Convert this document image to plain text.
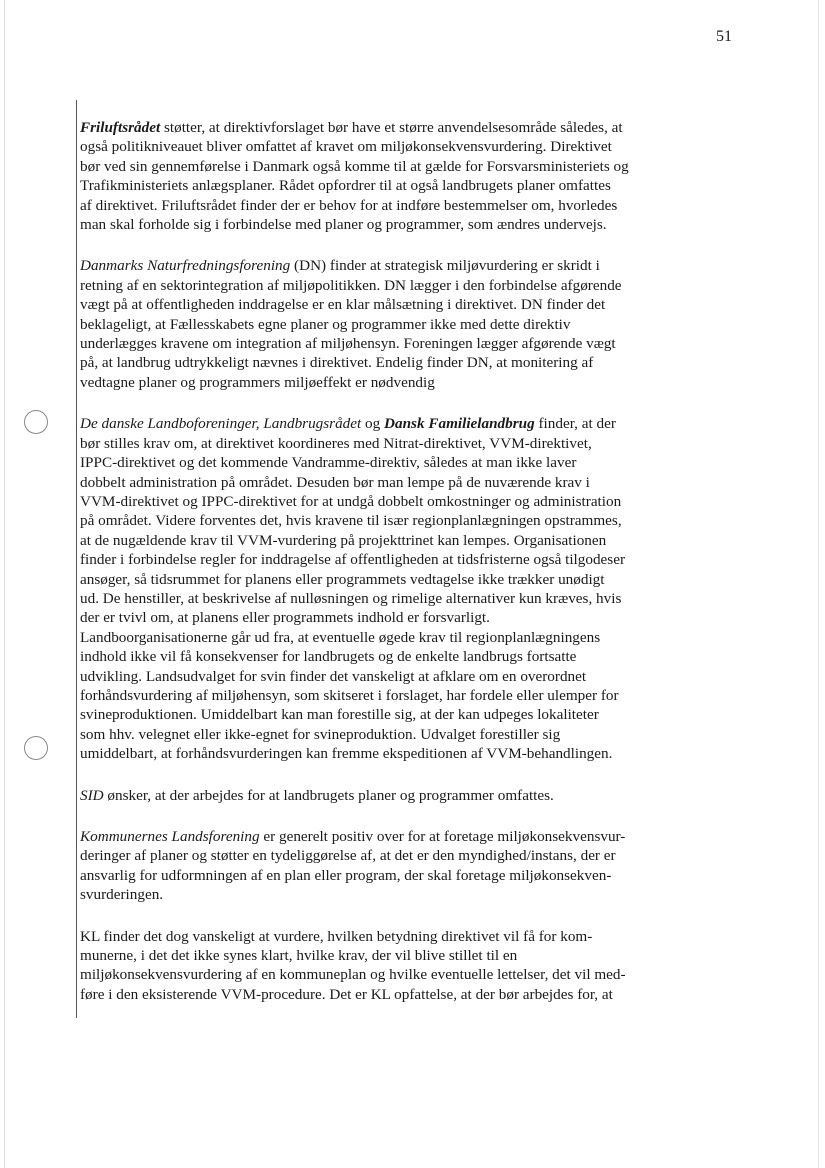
51

Friluftsrådet støtter, at direktivforslaget bør have et større anvendelsesområde således, at
også politikniveauet bliver omfattet af kravet om miljøkonsekvensvurdering. Direktivet
bør ved sin gennemførelse i Danmark også komme til at gælde for Forsvarsministeriets og
Trafikministeriets anlægsplaner. Rådet opfordrer til at også landbrugets planer omfattes
af direktivet. Friluftsrådet finder der er behov for at indføre bestemmelser om, hvorledes
man skal forholde sig i forbindelse med planer og programmer, som ændres undervejs.

Danmarks Naturfredningsforening (DN) finder at strategisk miljøvurdering er skridt i
retning af en sektorintegration af miljøpolitikken. DN lægger i den forbindelse afgørende
vægt på at offentligheden inddragelse er en klar målsætning i direktivet. DN finder det
beklageligt, at Fællesskabets egne planer og programmer ikke med dette direktiv
underlægges kravene om integration af miljøhensyn. Foreningen lægger afgørende vægt
på, at landbrug udtrykkeligt nævnes i direktivet. Endelig finder DN, at monitering af
vedtagne planer og programmers miljøeffekt er nødvendig

De danske Landboforeninger, Landbrugsrådet og Dansk Familielandbrug finder, at der
bør stilles krav om, at direktivet koordineres med Nitrat-direktivet, VVM-direktivet,
IPPC-direktivet og det kommende Vandramme-direktiv, således at man ikke laver
dobbelt administration på området. Desuden bør man lempe på de nuværende krav i
VVM-direktivet og IPPC-direktivet for at undgå dobbelt omkostninger og administration
på området. Videre forventes det, hvis kravene til især regionplanlægningen opstrammes,
at de nugældende krav til VVM-vurdering på projekttrinet kan lempes. Organisationen
finder i forbindelse regler for inddragelse af offentligheden at tidsfristerne også tilgodeser
ansøger, så tidsrummet for planens eller programmets vedtagelse ikke trækker unødigt
ud. De henstiller, at beskrivelse af nulløsningen og rimelige alternativer kun kræves, hvis
der er tvivl om, at planens eller programmets indhold er forsvarligt.
Landboorganisationerne går ud fra, at eventuelle øgede krav til regionplanlægningens
indhold ikke vil få konsekvenser for landbrugets og de enkelte landbrugs fortsatte
udvikling. Landsudvalget for svin finder det vanskeligt at afklare om en overordnet
forhåndsvurdering af miljøhensyn, som skitseret i forslaget, har fordele eller ulemper for
svineproduktionen. Umiddelbart kan man forestille sig, at der kan udpeges lokaliteter
som hhv. velegnet eller ikke-egnet for svineproduktion. Udvalget forestiller sig
umiddelbart, at forhåndsvurderingen kan fremme ekspeditionen af VVM-behandlingen.

SID ønsker, at der arbejdes for at landbrugets planer og programmer omfattes.

Kommunernes Landsforening er generelt positiv over for at foretage miljøkonsekvensvur-
deringer af planer og støtter en tydeliggørelse af, at det er den myndighed/instans, der er
ansvarlig for udformningen af en plan eller program, der skal foretage miljøkonsekven-
svurderingen.

KL finder det dog vanskeligt at vurdere, hvilken betydning direktivet vil få for kom-
munerne, i det det ikke synes klart, hvilke krav, der vil blive stillet til en
miljøkonsekvensvurdering af en kommuneplan og hvilke eventuelle lettelser, det vil med-
føre i den eksisterende VVM-procedure. Det er KL opfattelse, at der bør arbejdes for, at
